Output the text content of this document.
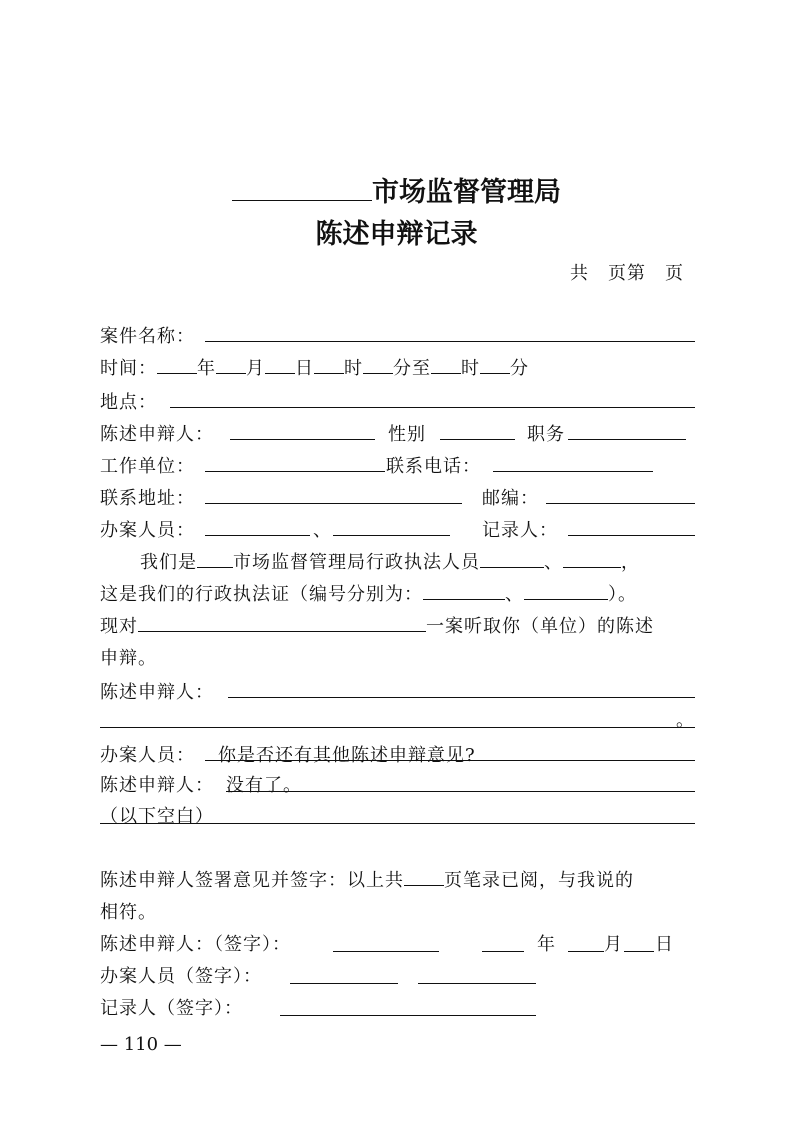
市场监督管理局
陈述申辩记录
共　页第　页
案件名称：
时间： 年 月 日 时 分至 时 分
地点：
陈述申辩人：	性别	职务
工作单位：	联系电话：
联系地址：	邮编：
办案人员：	、	记录人：
我们是 市场监督管理局行政执法人员	、	，
这是我们的行政执法证（编号分别为：	、	）。
现对	一案听取你（单位）的陈述
申辩。
陈述申辩人：
。
办案人员： 你是否还有其他陈述申辩意见?
陈述申辩人： 没有了。
（以下空白）
陈述申辩人签署意见并签字：以上共 页笔录已阅，与我说的
相符。
陈述申辩人：（签字）：	年	月 日
办案人员（签字）：
记录人（签字）：
— 110 —
